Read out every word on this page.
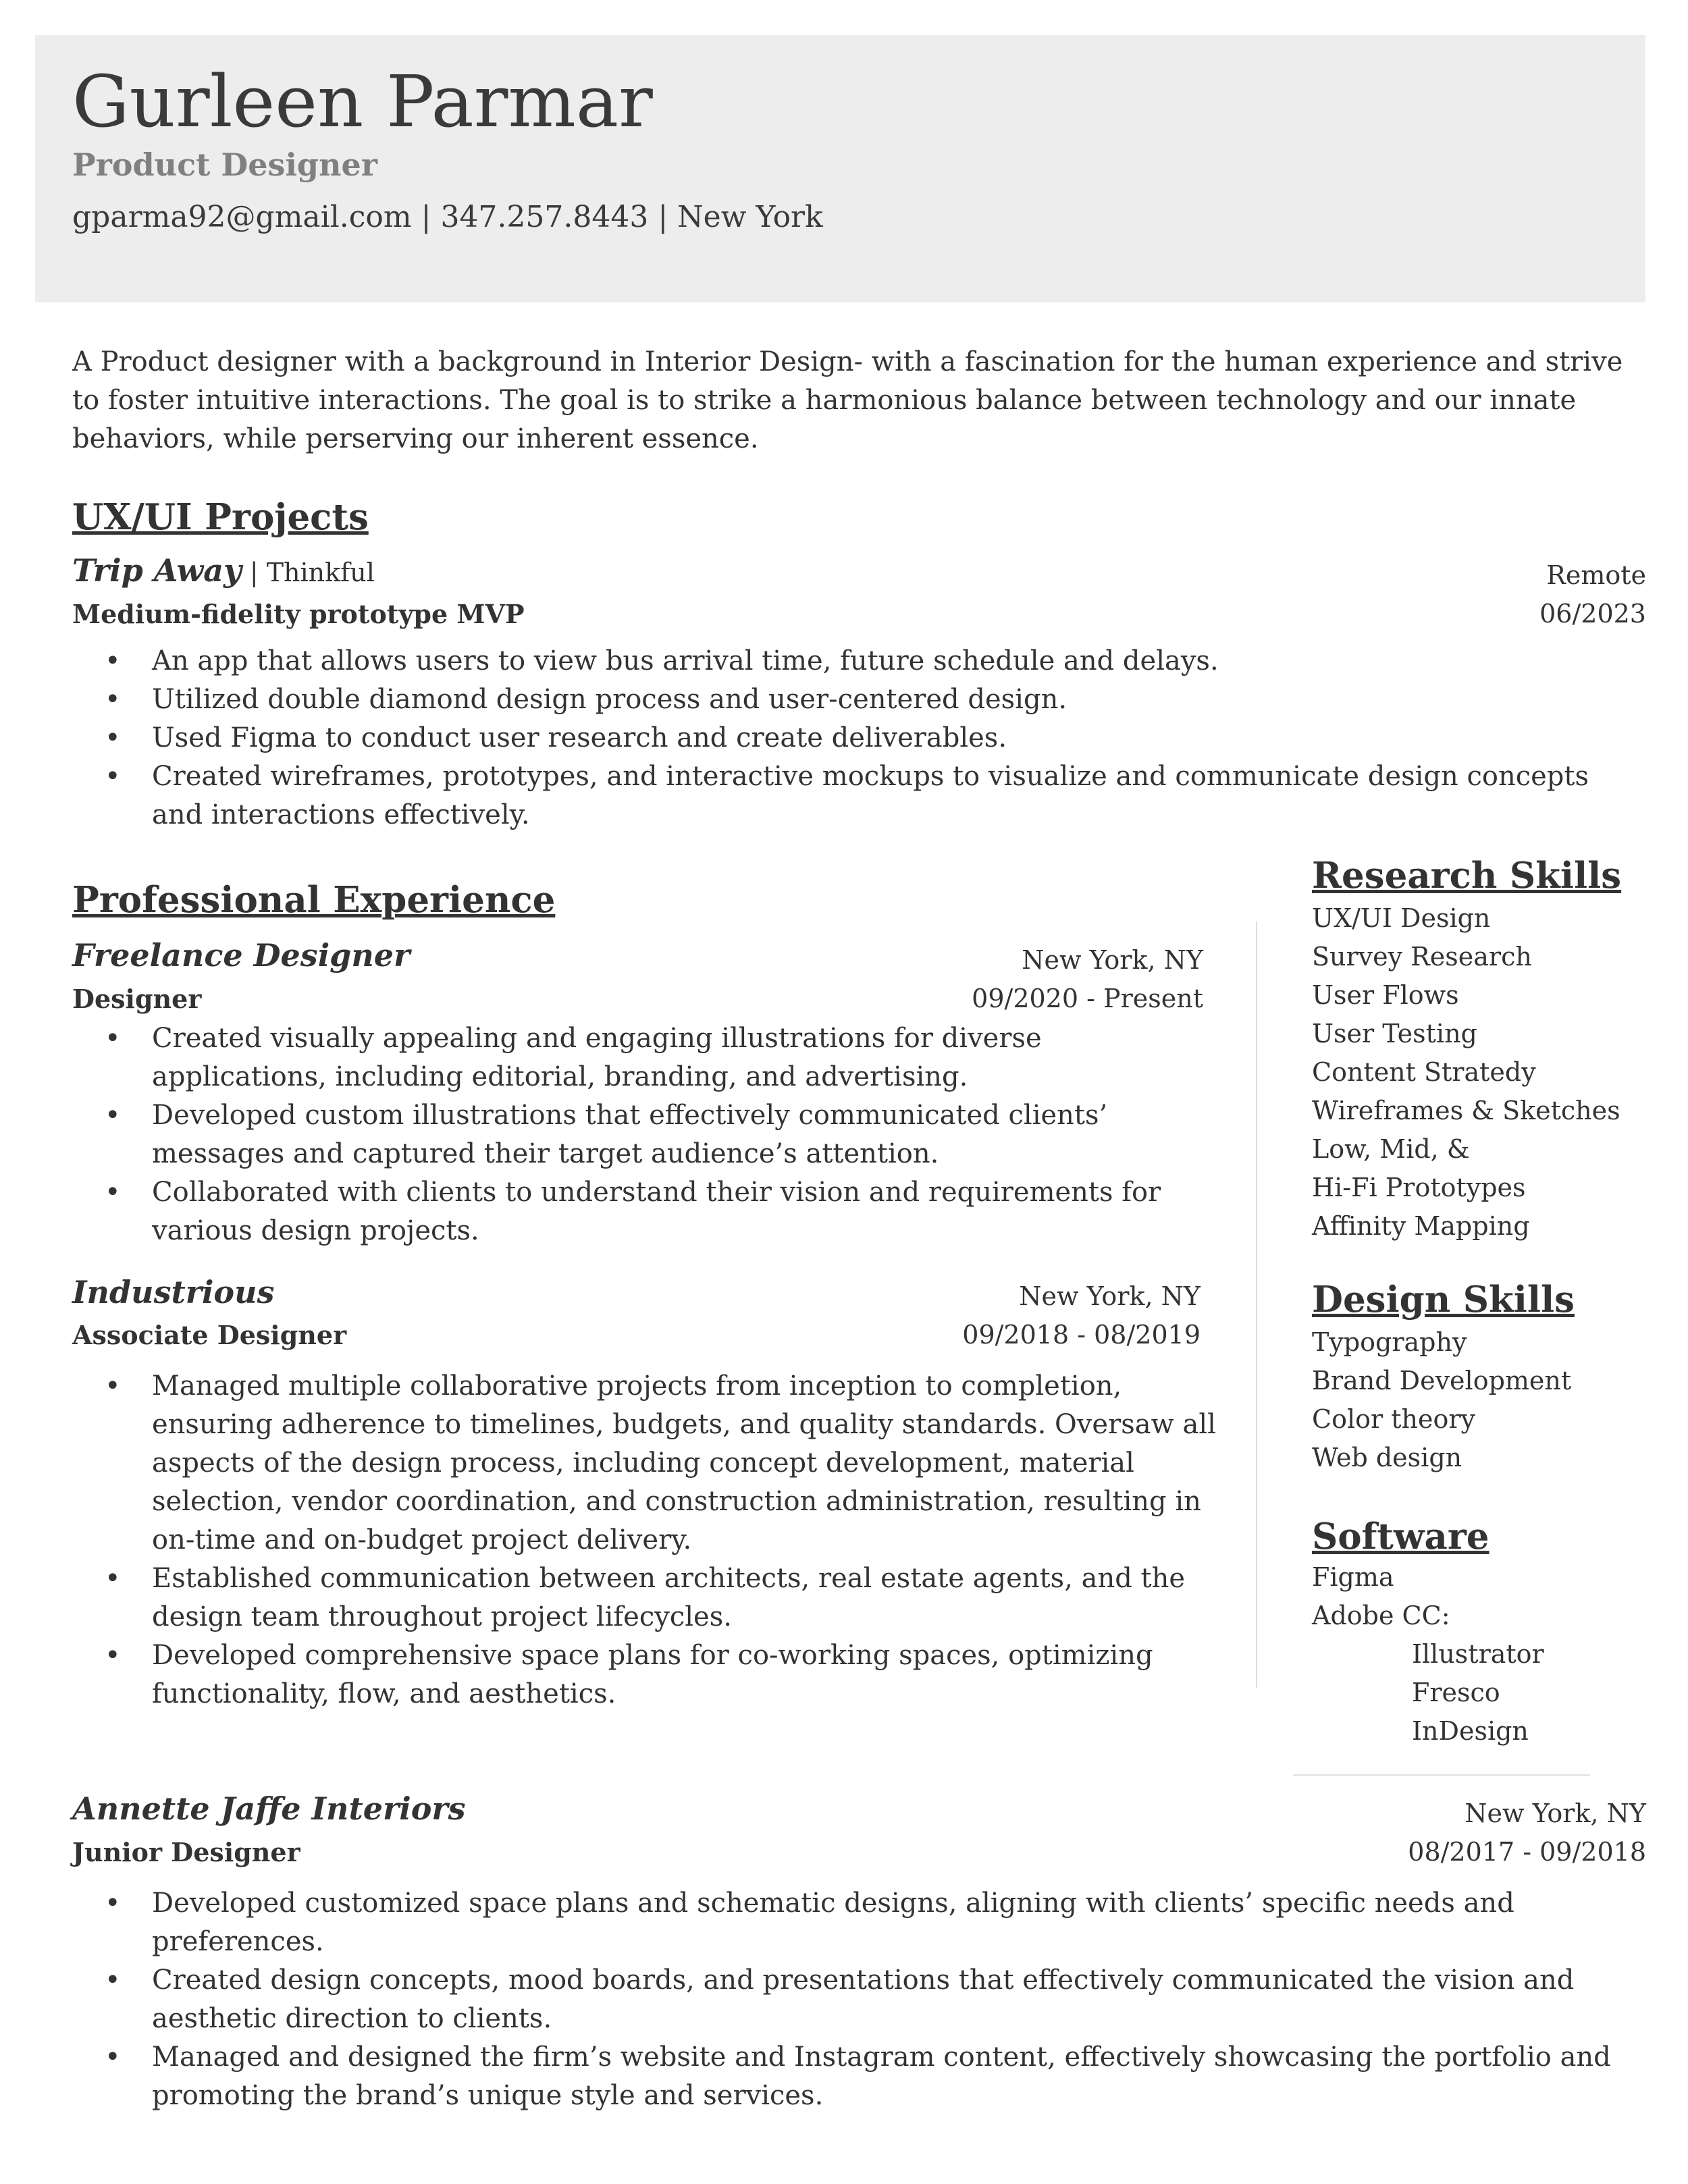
Gurleen Parmar
Product Designer
gparma92@gmail.com | 347.257.8443 | New York
A Product designer with a background in Interior Design- with a fascination for the human experience and strive to foster intuitive interactions. The goal is to strike a harmonious balance between technology and our innate behaviors, while perserving our inherent essence.
UX/UI Projects
Trip Away | Thinkful	Remote
Medium-fidelity prototype MVP	06/2023
• An app that allows users to view bus arrival time, future schedule and delays.
• Utilized double diamond design process and user-centered design.
• Used Figma to conduct user research and create deliverables.
• Created wireframes, prototypes, and interactive mockups to visualize and communicate design concepts and interactions effectively.
Professional Experience
Freelance Designer	New York, NY
Designer	09/2020 - Present
• Created visually appealing and engaging illustrations for diverse applications, including editorial, branding, and advertising.
• Developed custom illustrations that effectively communicated clients’ messages and captured their target audience’s attention.
• Collaborated with clients to understand their vision and requirements for various design projects.
Industrious	New York, NY
Associate Designer	09/2018 - 08/2019
• Managed multiple collaborative projects from inception to completion, ensuring adherence to timelines, budgets, and quality standards. Oversaw all aspects of the design process, including concept development, material selection, vendor coordination, and construction administration, resulting in on-time and on-budget project delivery.
• Established communication between architects, real estate agents, and the design team throughout project lifecycles.
• Developed comprehensive space plans for co-working spaces, optimizing functionality, flow, and aesthetics.
Annette Jaffe Interiors	New York, NY
Junior Designer	08/2017 - 09/2018
• Developed customized space plans and schematic designs, aligning with clients’ specific needs and preferences.
• Created design concepts, mood boards, and presentations that effectively communicated the vision and aesthetic direction to clients.
• Managed and designed the firm’s website and Instagram content, effectively showcasing the portfolio and promoting the brand’s unique style and services.
Research Skills
UX/UI Design
Survey Research
User Flows
User Testing
Content Stratedy
Wireframes & Sketches
Low, Mid, &
Hi-Fi Prototypes
Affinity Mapping
Design Skills
Typography
Brand Development
Color theory
Web design
Software
Figma
Adobe CC:
Illustrator
Fresco
InDesign
